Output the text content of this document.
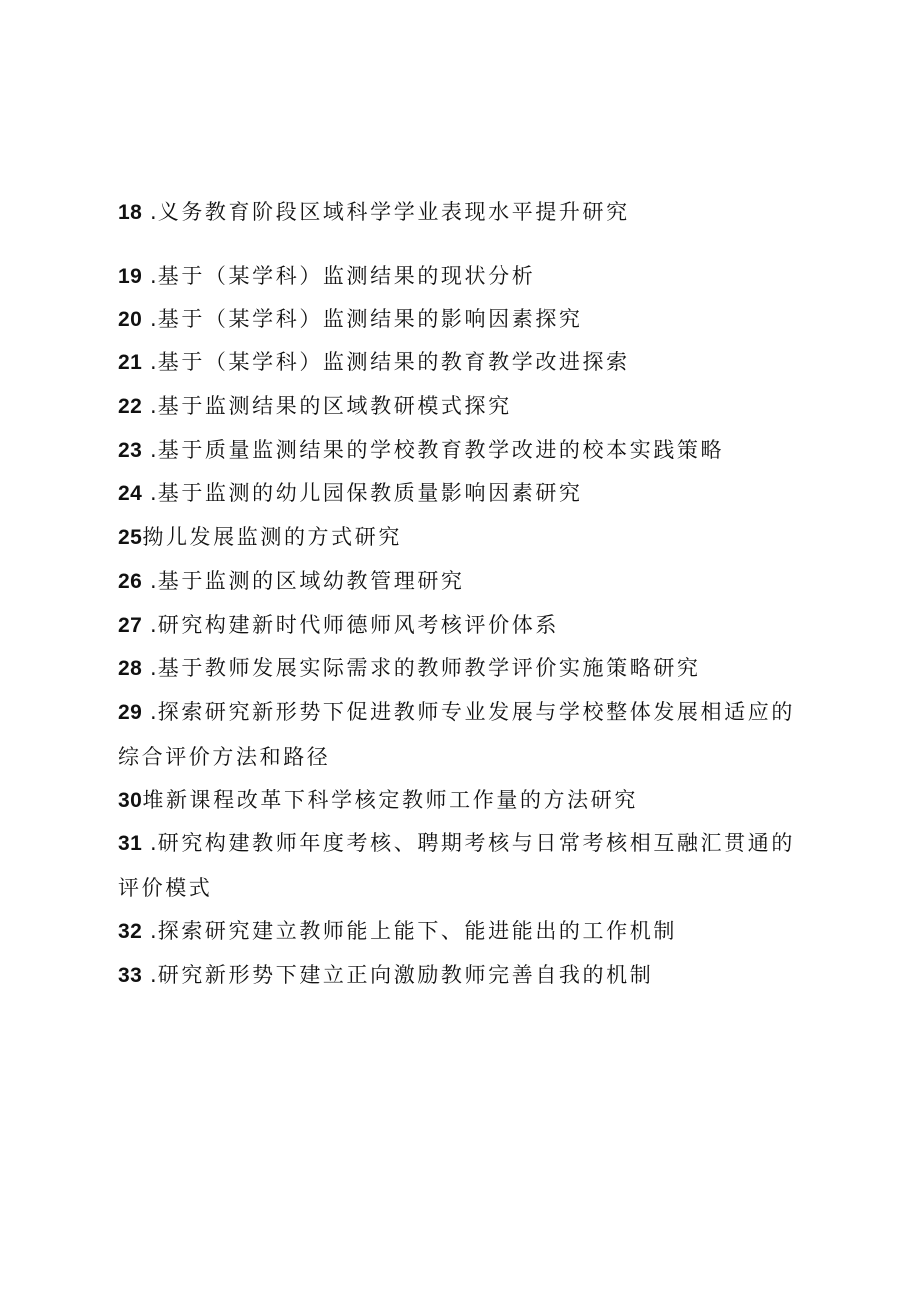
18 .义务教育阶段区域科学学业表现水平提升研究
19 .基于（某学科）监测结果的现状分析
20 .基于（某学科）监测结果的影响因素探究
21 .基于（某学科）监测结果的教育教学改进探索
22 .基于监测结果的区域教研模式探究
23 .基于质量监测结果的学校教育教学改进的校本实践策略
24 .基于监测的幼儿园保教质量影响因素研究
25拗儿发展监测的方式研究
26 .基于监测的区域幼教管理研究
27 .研究构建新时代师德师风考核评价体系
28 .基于教师发展实际需求的教师教学评价实施策略研究
29 .探索研究新形势下促进教师专业发展与学校整体发展相适应的
综合评价方法和路径
30堆新课程改革下科学核定教师工作量的方法研究
31 .研究构建教师年度考核、聘期考核与日常考核相互融汇贯通的
评价模式
32 .探索研究建立教师能上能下、能进能出的工作机制
33 .研究新形势下建立正向激励教师完善自我的机制
